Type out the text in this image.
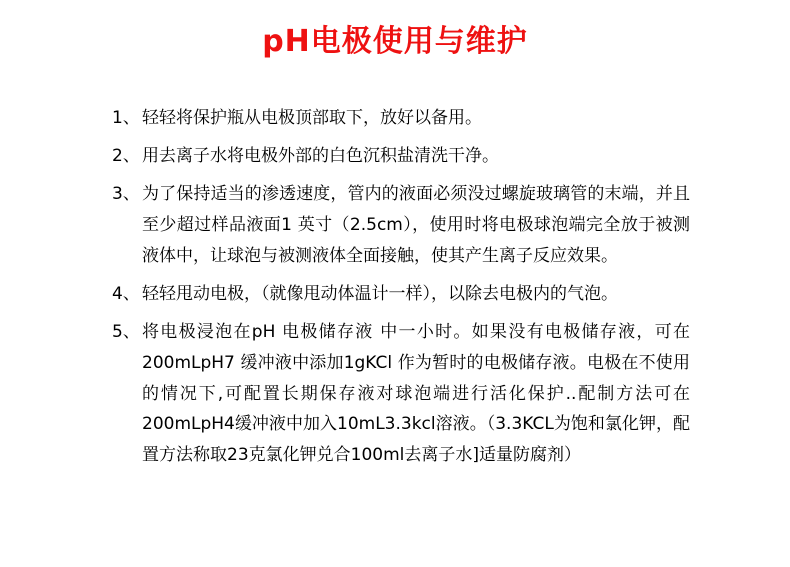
pH电极使用与维护
1、 轻轻将保护瓶从电极顶部取下，放好以备用。
2、 用去离子水将电极外部的白色沉积盐清洗干净。
3、 为了保持适当的渗透速度，管内的液面必须没过螺旋玻璃管的末端，并且至少超过样品液面1 英寸（2.5cm），使用时将电极球泡端完全放于被测液体中，让球泡与被测液体全面接触，使其产生离子反应效果。
4、 轻轻甩动电极，（就像甩动体温计一样），以除去电极内的气泡。
5、 将电极浸泡在pH 电极储存液 中一小时。如果没有电极储存液，可在200mLpH7 缓冲液中添加1gKCl 作为暂时的电极储存液。电极在不使用的情况下,可配置长期保存液对球泡端进行活化保护..配制方法可在200mLpH4缓冲液中加入10mL3.3kcl溶液。（3.3KCL为饱和氯化钾，配置方法称取23克氯化钾兑合100ml去离子水]适量防腐剂）
